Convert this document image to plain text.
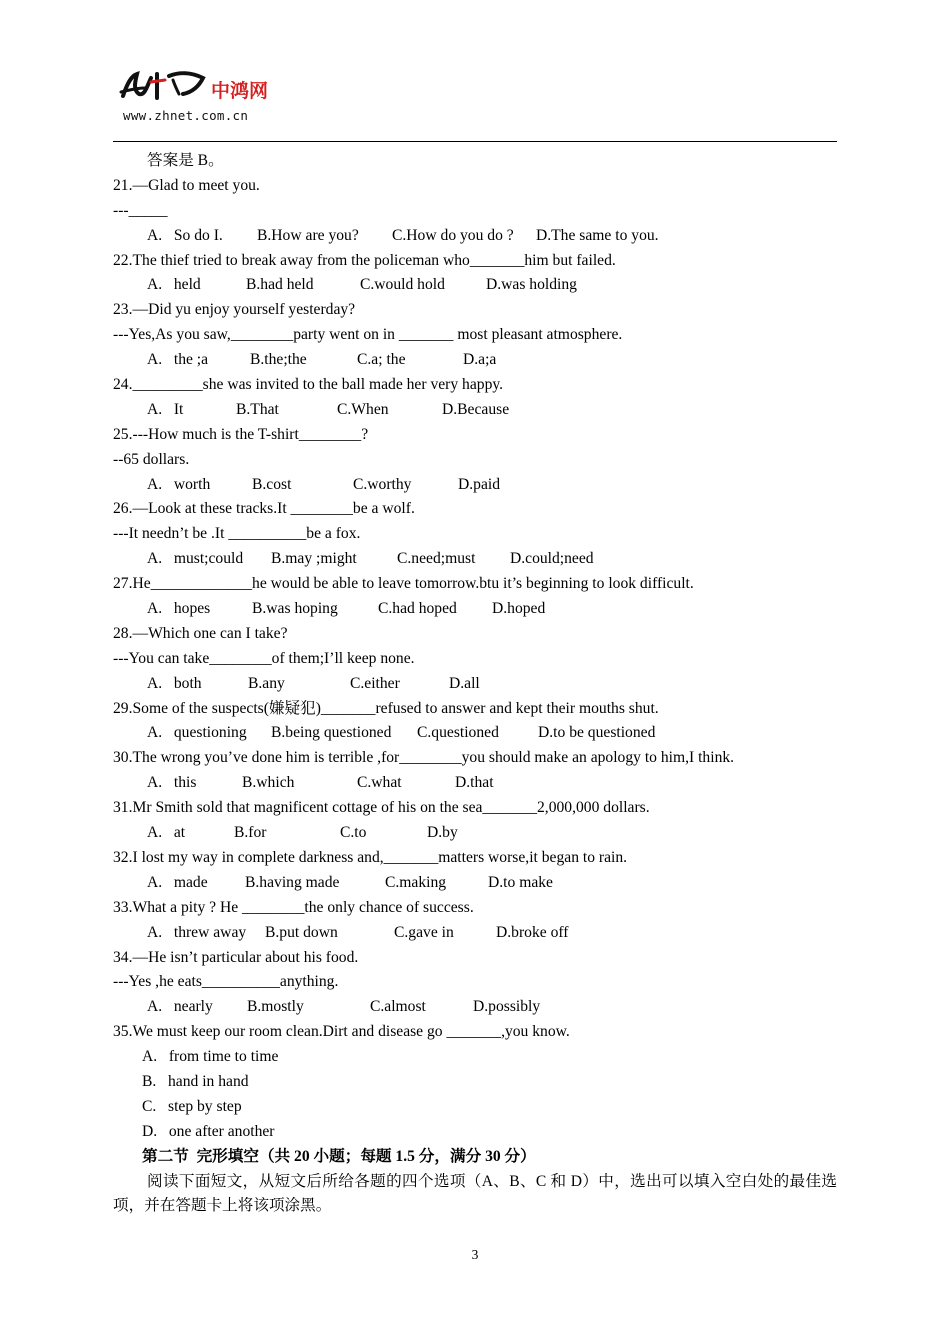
中鸿网
www.zhnet.com.cn
答案是 B。
21.—Glad to meet you.
---_____
A.   So do I. B.How are you? C.How do you do ? D.The same to you.
22.The thief tried to break away from the policeman who_______him but failed.
A.   held	B.had held	C.would hold	D.was holding
23.—Did yu enjoy yourself yesterday?
---Yes,As you saw,________party went on in _______ most pleasant atmosphere.
A.   the ;a	B.the;the	C.a; the	D.a;a
24._________she was invited to the ball made her very happy.
A.   It	B.That	C.When	D.Because
25.---How much is the T-shirt________?
--65 dollars.
A.   worth	B.cost	C.worthy	D.paid
26.—Look at these tracks.It ________be a wolf.
---It needn’t be .It __________be a fox.
A.   must;could B.may ;might	C.need;must D.could;need
27.He_____________he would be able to leave tomorrow.btu it’s beginning to look difficult.
A.   hopes	B.was hoping	C.had hoped D.hoped
28.—Which one can I take?
---You can take________of them;I’ll keep none.
A.   both	B.any	C.either	D.all
29.Some of the suspects(嫌疑犯)_______refused to answer and kept their mouths shut.
A.   questioning B.being questioned C.questioned	D.to be questioned
30.The wrong you’ve done him is terrible ,for________you should make an apology to him,I think.
A.   this	B.which	C.what	D.that
31.Mr Smith sold that magnificent cottage of his on the sea_______2,000,000 dollars.
A.   at	B.for	C.to	D.by
32.I lost my way in complete darkness and,_______matters worse,it began to rain.
A.   made B.having made	C.making	D.to make
33.What a pity ? He ________the only chance of success.
A.   threw away B.put down	C.gave in	D.broke off
34.—He isn’t particular about his food.
---Yes ,he eats__________anything.
A.   nearly B.mostly	C.almost	D.possibly
35.We must keep our room clean.Dirt and disease go _______,you know.
A.   from time to time
B.   hand in hand
C.   step by step
D.   one after another
第二节  完形填空（共 20 小题；每题 1.5 分，满分 30 分）

阅读下面短文，从短文后所给各题的四个选项（A、B、C 和 D）中，选出可以填入空白处的最佳选项，并在答题卡上将该项涂黑。

3
